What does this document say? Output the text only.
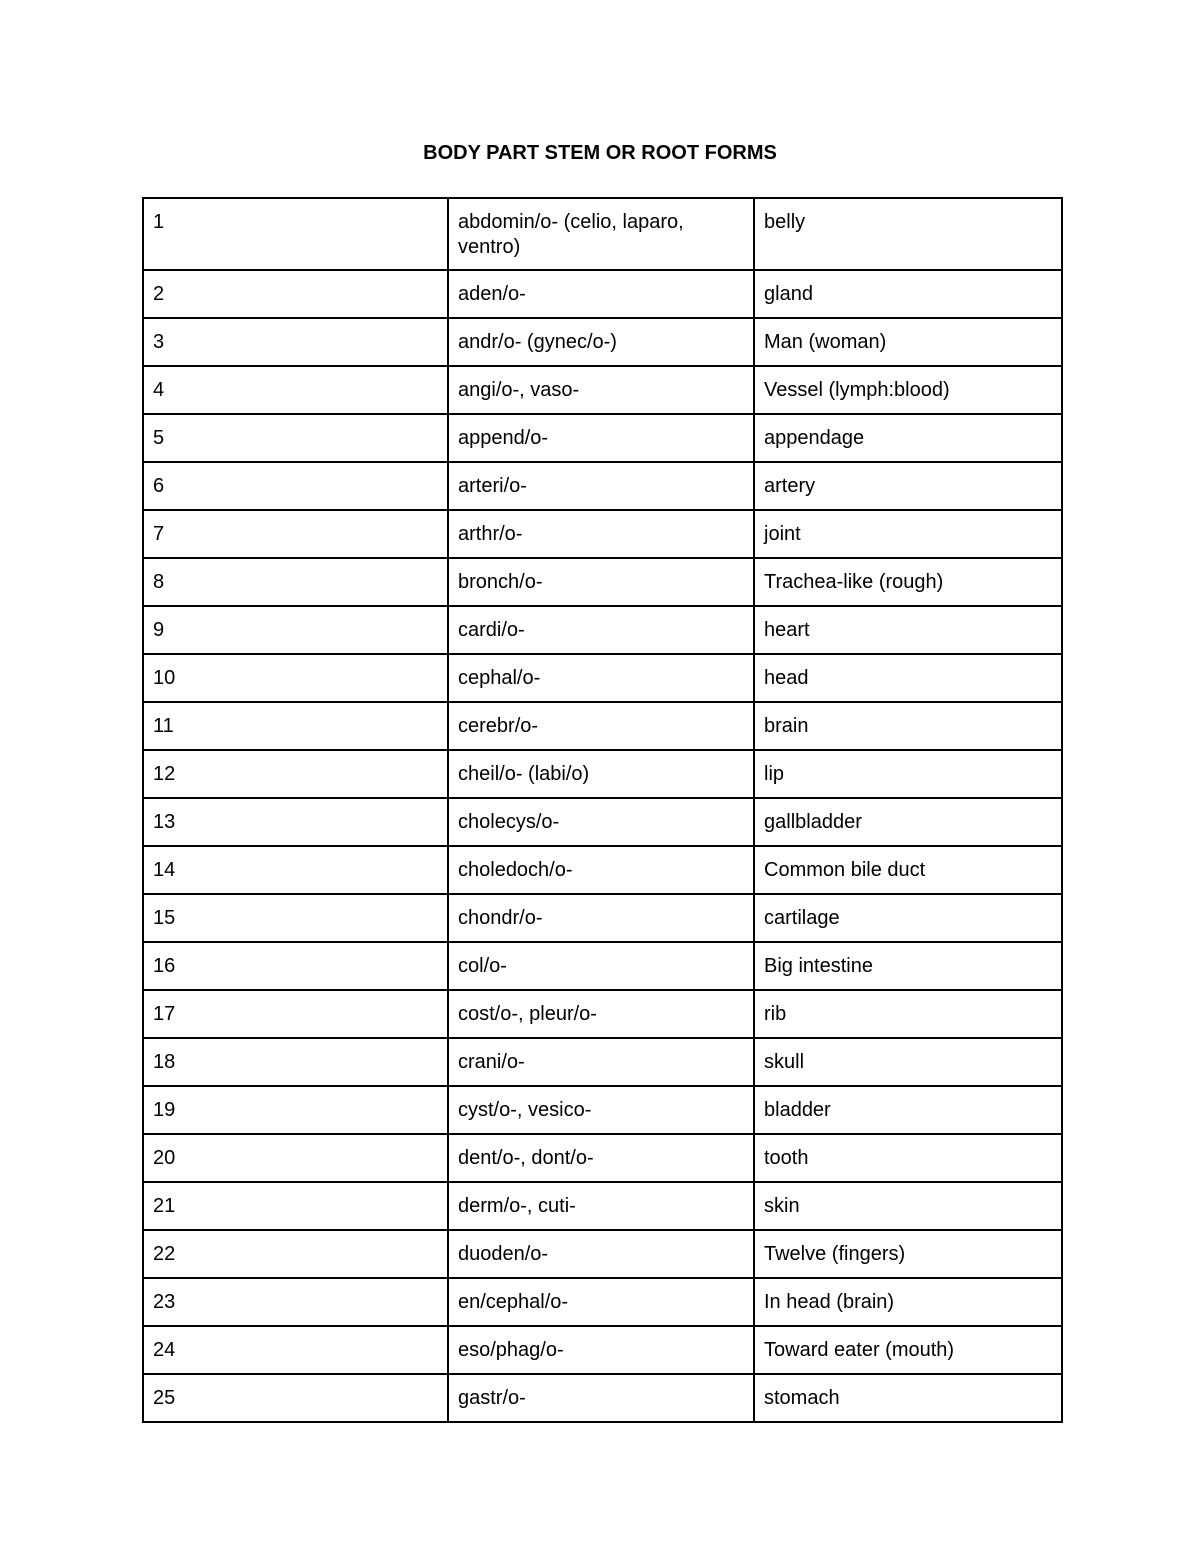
BODY PART STEM OR ROOT FORMS
1	abdomin/o- (celio, laparo, ventro)	belly
2	aden/o-	gland
3	andr/o- (gynec/o-)	Man (woman)
4	angi/o-, vaso-	Vessel (lymph:blood)
5	append/o-	appendage
6	arteri/o-	artery
7	arthr/o-	joint
8	bronch/o-	Trachea-like (rough)
9	cardi/o-	heart
10	cephal/o-	head
11	cerebr/o-	brain
12	cheil/o- (labi/o)	lip
13	cholecys/o-	gallbladder
14	choledoch/o-	Common bile duct
15	chondr/o-	cartilage
16	col/o-	Big intestine
17	cost/o-, pleur/o-	rib
18	crani/o-	skull
19	cyst/o-, vesico-	bladder
20	dent/o-, dont/o-	tooth
21	derm/o-, cuti-	skin
22	duoden/o-	Twelve (fingers)
23	en/cephal/o-	In head (brain)
24	eso/phag/o-	Toward eater (mouth)
25	gastr/o-	stomach
